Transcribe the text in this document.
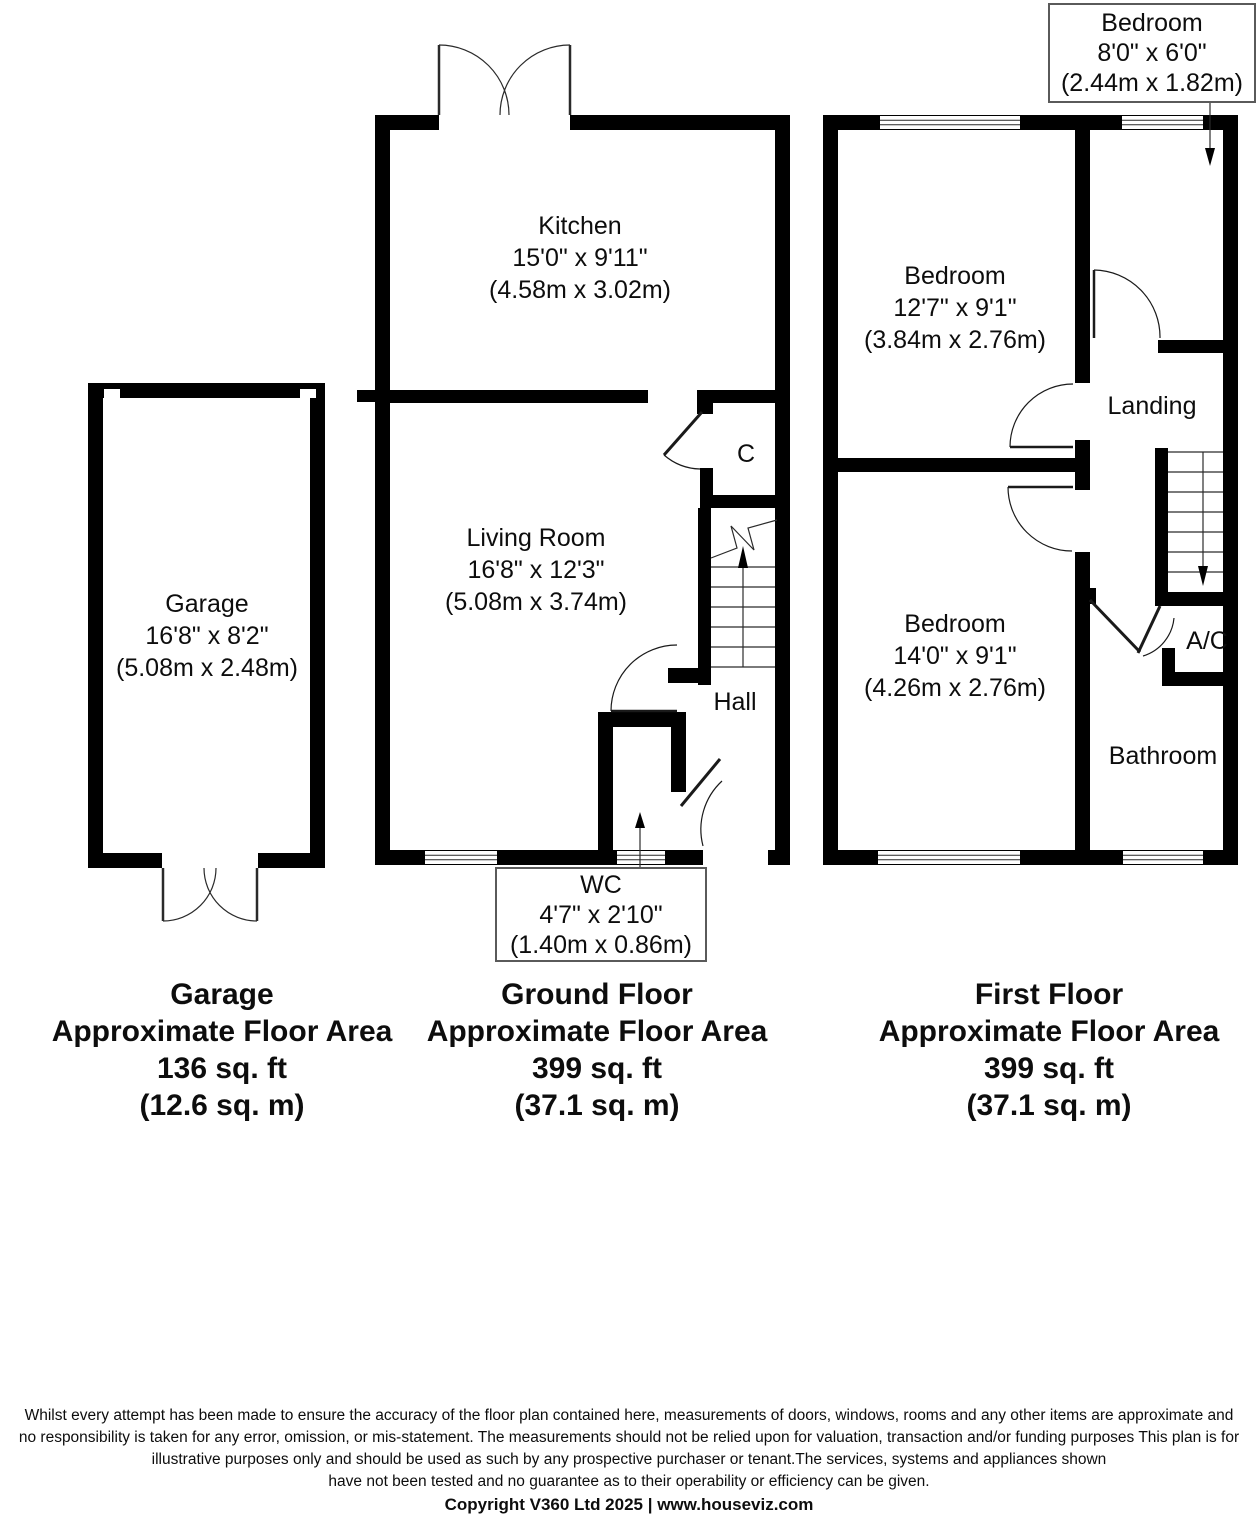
Garage
16'8" x 8'2"
(5.08m x 2.48m)
Kitchen
15'0" x 9'11"
(4.58m x 3.02m)
Living Room
16'8" x 12'3"
(5.08m x 3.74m)
C
Hall
Bedroom
12'7" x 9'1"
(3.84m x 2.76m)
Bedroom
14'0" x 9'1"
(4.26m x 2.76m)
Landing
A/C
Bathroom
WC
4'7" x 2'10"
(1.40m x 0.86m)
Bedroom
8'0" x 6'0"
(2.44m x 1.82m)
Garage
Approximate Floor Area
136 sq. ft
(12.6 sq. m)
Ground Floor
Approximate Floor Area
399 sq. ft
(37.1 sq. m)
First Floor
Approximate Floor Area
399 sq. ft
(37.1 sq. m)
Whilst every attempt has been made to ensure the accuracy of the floor plan contained here, measurements of doors, windows, rooms and any other items are approximate and
no responsibility is taken for any error, omission, or mis-statement. The measurements should not be relied upon for valuation, transaction and/or funding purposes This plan is for
illustrative purposes only and should be used as such by any prospective purchaser or tenant.The services, systems and appliances shown
have not been tested and no guarantee as to their operability or efficiency can be given.
Copyright V360 Ltd 2025 | www.houseviz.com
